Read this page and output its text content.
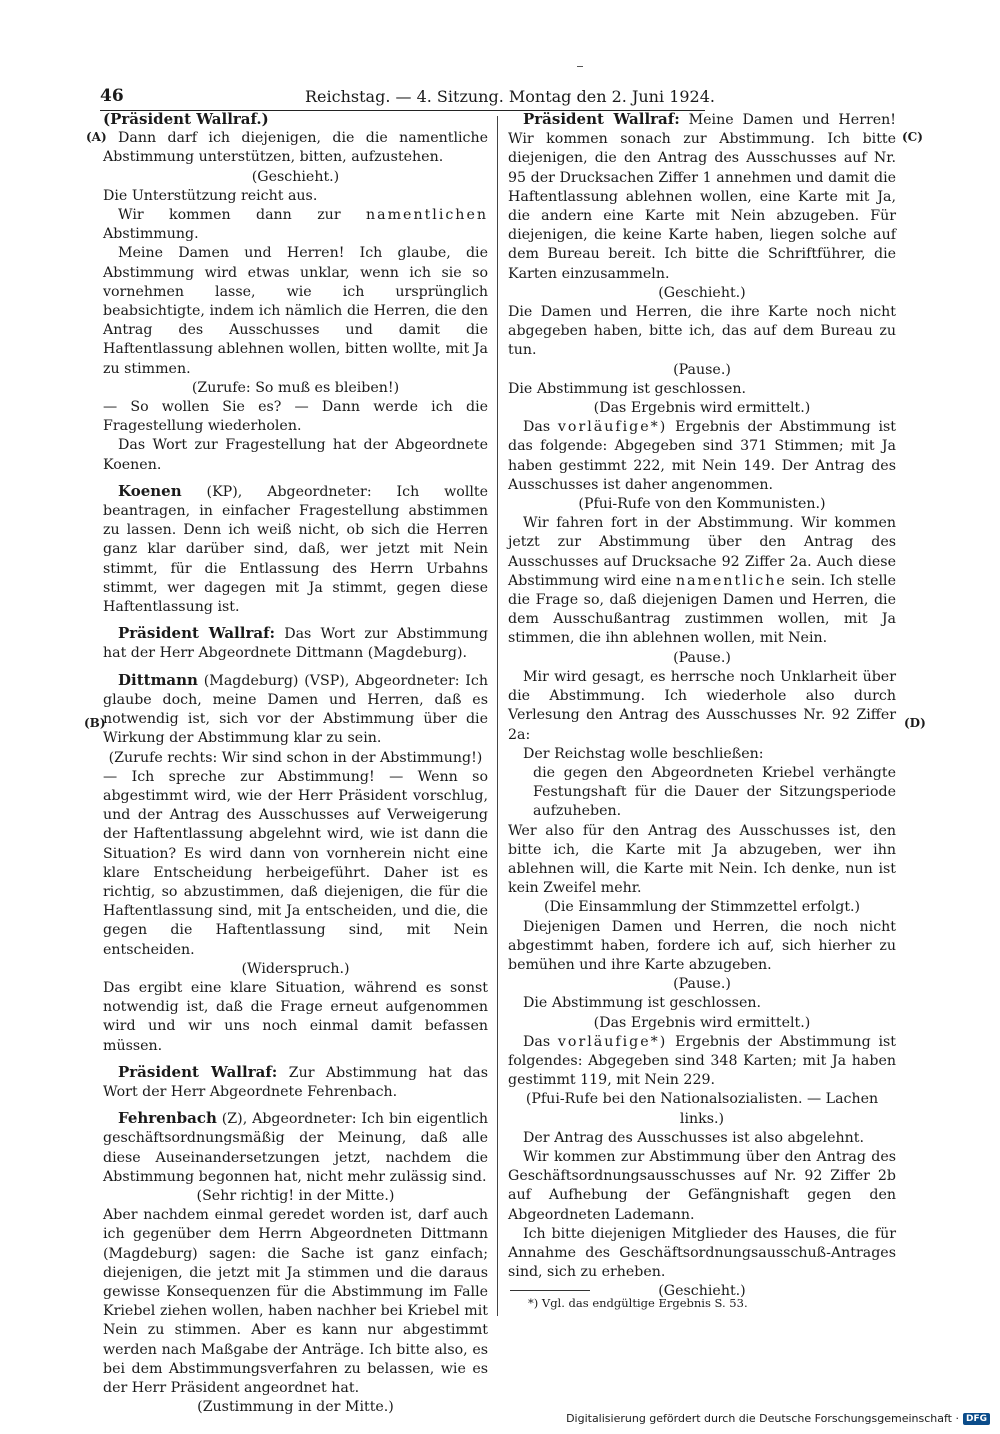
46	Reichstag. — 4. Sitzung. Montag den 2. Juni 1924.
(A)
(B)
(C)
(D)

(Präsident Wallraf.)

Dann darf ich diejenigen, die die namentliche Abstimmung unterstützen, bitten, aufzustehen.

(Geschieht.)

Die Unterstützung reicht aus.

Wir kommen dann zur namentlichen Abstimmung.

Meine Damen und Herren! Ich glaube, die Abstimmung wird etwas unklar, wenn ich sie so vornehmen lasse, wie ich ursprünglich beabsichtigte, indem ich nämlich die Herren, die den Antrag des Ausschusses und damit die Haftentlassung ablehnen wollen, bitten wollte, mit Ja zu stimmen.

(Zurufe: So muß es bleiben!)

— So wollen Sie es? — Dann werde ich die Fragestellung wiederholen.

Das Wort zur Fragestellung hat der Abgeordnete Koenen.

Koenen (KP), Abgeordneter: Ich wollte beantragen, in einfacher Fragestellung abstimmen zu lassen. Denn ich weiß nicht, ob sich die Herren ganz klar darüber sind, daß, wer jetzt mit Nein stimmt, für die Entlassung des Herrn Urbahns stimmt, wer dagegen mit Ja stimmt, gegen diese Haftentlassung ist.

Präsident Wallraf: Das Wort zur Abstimmung hat der Herr Abgeordnete Dittmann (Magdeburg).

Dittmann (Magdeburg) (VSP), Abgeordneter: Ich glaube doch, meine Damen und Herren, daß es notwendig ist, sich vor der Abstimmung über die Wirkung der Abstimmung klar zu sein.

(Zurufe rechts: Wir sind schon in der Abstimmung!)

— Ich spreche zur Abstimmung! — Wenn so abgestimmt wird, wie der Herr Präsident vorschlug, und der Antrag des Ausschusses auf Verweigerung der Haftentlassung abgelehnt wird, wie ist dann die Situation? Es wird dann von vornherein nicht eine klare Entscheidung herbeigeführt. Daher ist es richtig, so abzustimmen, daß diejenigen, die für die Haftentlassung sind, mit Ja entscheiden, und die, die gegen die Haftentlassung sind, mit Nein entscheiden.

(Widerspruch.)

Das ergibt eine klare Situation, während es sonst notwendig ist, daß die Frage erneut aufgenommen wird und wir uns noch einmal damit befassen müssen.

Präsident Wallraf: Zur Abstimmung hat das Wort der Herr Abgeordnete Fehrenbach.

Fehrenbach (Z), Abgeordneter: Ich bin eigentlich geschäftsordnungsmäßig der Meinung, daß alle diese Auseinandersetzungen jetzt, nachdem die Abstimmung begonnen hat, nicht mehr zulässig sind.

(Sehr richtig! in der Mitte.)

Aber nachdem einmal geredet worden ist, darf auch ich gegenüber dem Herrn Abgeordneten Dittmann (Magdeburg) sagen: die Sache ist ganz einfach; diejenigen, die jetzt mit Ja stimmen und die daraus gewisse Konsequenzen für die Abstimmung im Falle Kriebel ziehen wollen, haben nachher bei Kriebel mit Nein zu stimmen. Aber es kann nur abgestimmt werden nach Maßgabe der Anträge. Ich bitte also, es bei dem Abstimmungsverfahren zu belassen, wie es der Herr Präsident angeordnet hat.

(Zustimmung in der Mitte.)

Präsident Wallraf: Meine Damen und Herren! Wir kommen sonach zur Abstimmung. Ich bitte diejenigen, die den Antrag des Ausschusses auf Nr. 95 der Drucksachen Ziffer 1 annehmen und damit die Haftentlassung ablehnen wollen, eine Karte mit Ja, die andern eine Karte mit Nein abzugeben. Für diejenigen, die keine Karte haben, liegen solche auf dem Bureau bereit. Ich bitte die Schriftführer, die Karten einzusammeln.

(Geschieht.)

Die Damen und Herren, die ihre Karte noch nicht abgegeben haben, bitte ich, das auf dem Bureau zu tun.

(Pause.)

Die Abstimmung ist geschlossen.

(Das Ergebnis wird ermittelt.)

Das vorläufige*) Ergebnis der Abstimmung ist das folgende: Abgegeben sind 371 Stimmen; mit Ja haben gestimmt 222, mit Nein 149. Der Antrag des Ausschusses ist daher angenommen.

(Pfui-Rufe von den Kommunisten.)

Wir fahren fort in der Abstimmung. Wir kommen jetzt zur Abstimmung über den Antrag des Ausschusses auf Drucksache 92 Ziffer 2a. Auch diese Abstimmung wird eine namentliche sein. Ich stelle die Frage so, daß diejenigen Damen und Herren, die dem Ausschußantrag zustimmen wollen, mit Ja stimmen, die ihn ablehnen wollen, mit Nein.

(Pause.)

Mir wird gesagt, es herrsche noch Unklarheit über die Abstimmung. Ich wiederhole also durch Verlesung den Antrag des Ausschusses Nr. 92 Ziffer 2a:

Der Reichstag wolle beschließen:

die gegen den Abgeordneten Kriebel verhängte Festungshaft für die Dauer der Sitzungsperiode aufzuheben.

Wer also für den Antrag des Ausschusses ist, den bitte ich, die Karte mit Ja abzugeben, wer ihn ablehnen will, die Karte mit Nein. Ich denke, nun ist kein Zweifel mehr.

(Die Einsammlung der Stimmzettel erfolgt.)

Diejenigen Damen und Herren, die noch nicht abgestimmt haben, fordere ich auf, sich hierher zu bemühen und ihre Karte abzugeben.

(Pause.)

Die Abstimmung ist geschlossen.

(Das Ergebnis wird ermittelt.)

Das vorläufige*) Ergebnis der Abstimmung ist folgendes: Abgegeben sind 348 Karten; mit Ja haben gestimmt 119, mit Nein 229.

(Pfui-Rufe bei den Nationalsozialisten. — Lachen links.)

Der Antrag des Ausschusses ist also abgelehnt.

Wir kommen zur Abstimmung über den Antrag des Geschäftsordnungsausschusses auf Nr. 92 Ziffer 2b auf Aufhebung der Gefängnishaft gegen den Abgeordneten Lademann.

Ich bitte diejenigen Mitglieder des Hauses, die für Annahme des Geschäftsordnungsausschuß-Antrages sind, sich zu erheben.

(Geschieht.)

*) Vgl. das endgültige Ergebnis S. 53.
Digitalisierung gefördert durch die Deutsche Forschungsgemeinschaft · DFG
